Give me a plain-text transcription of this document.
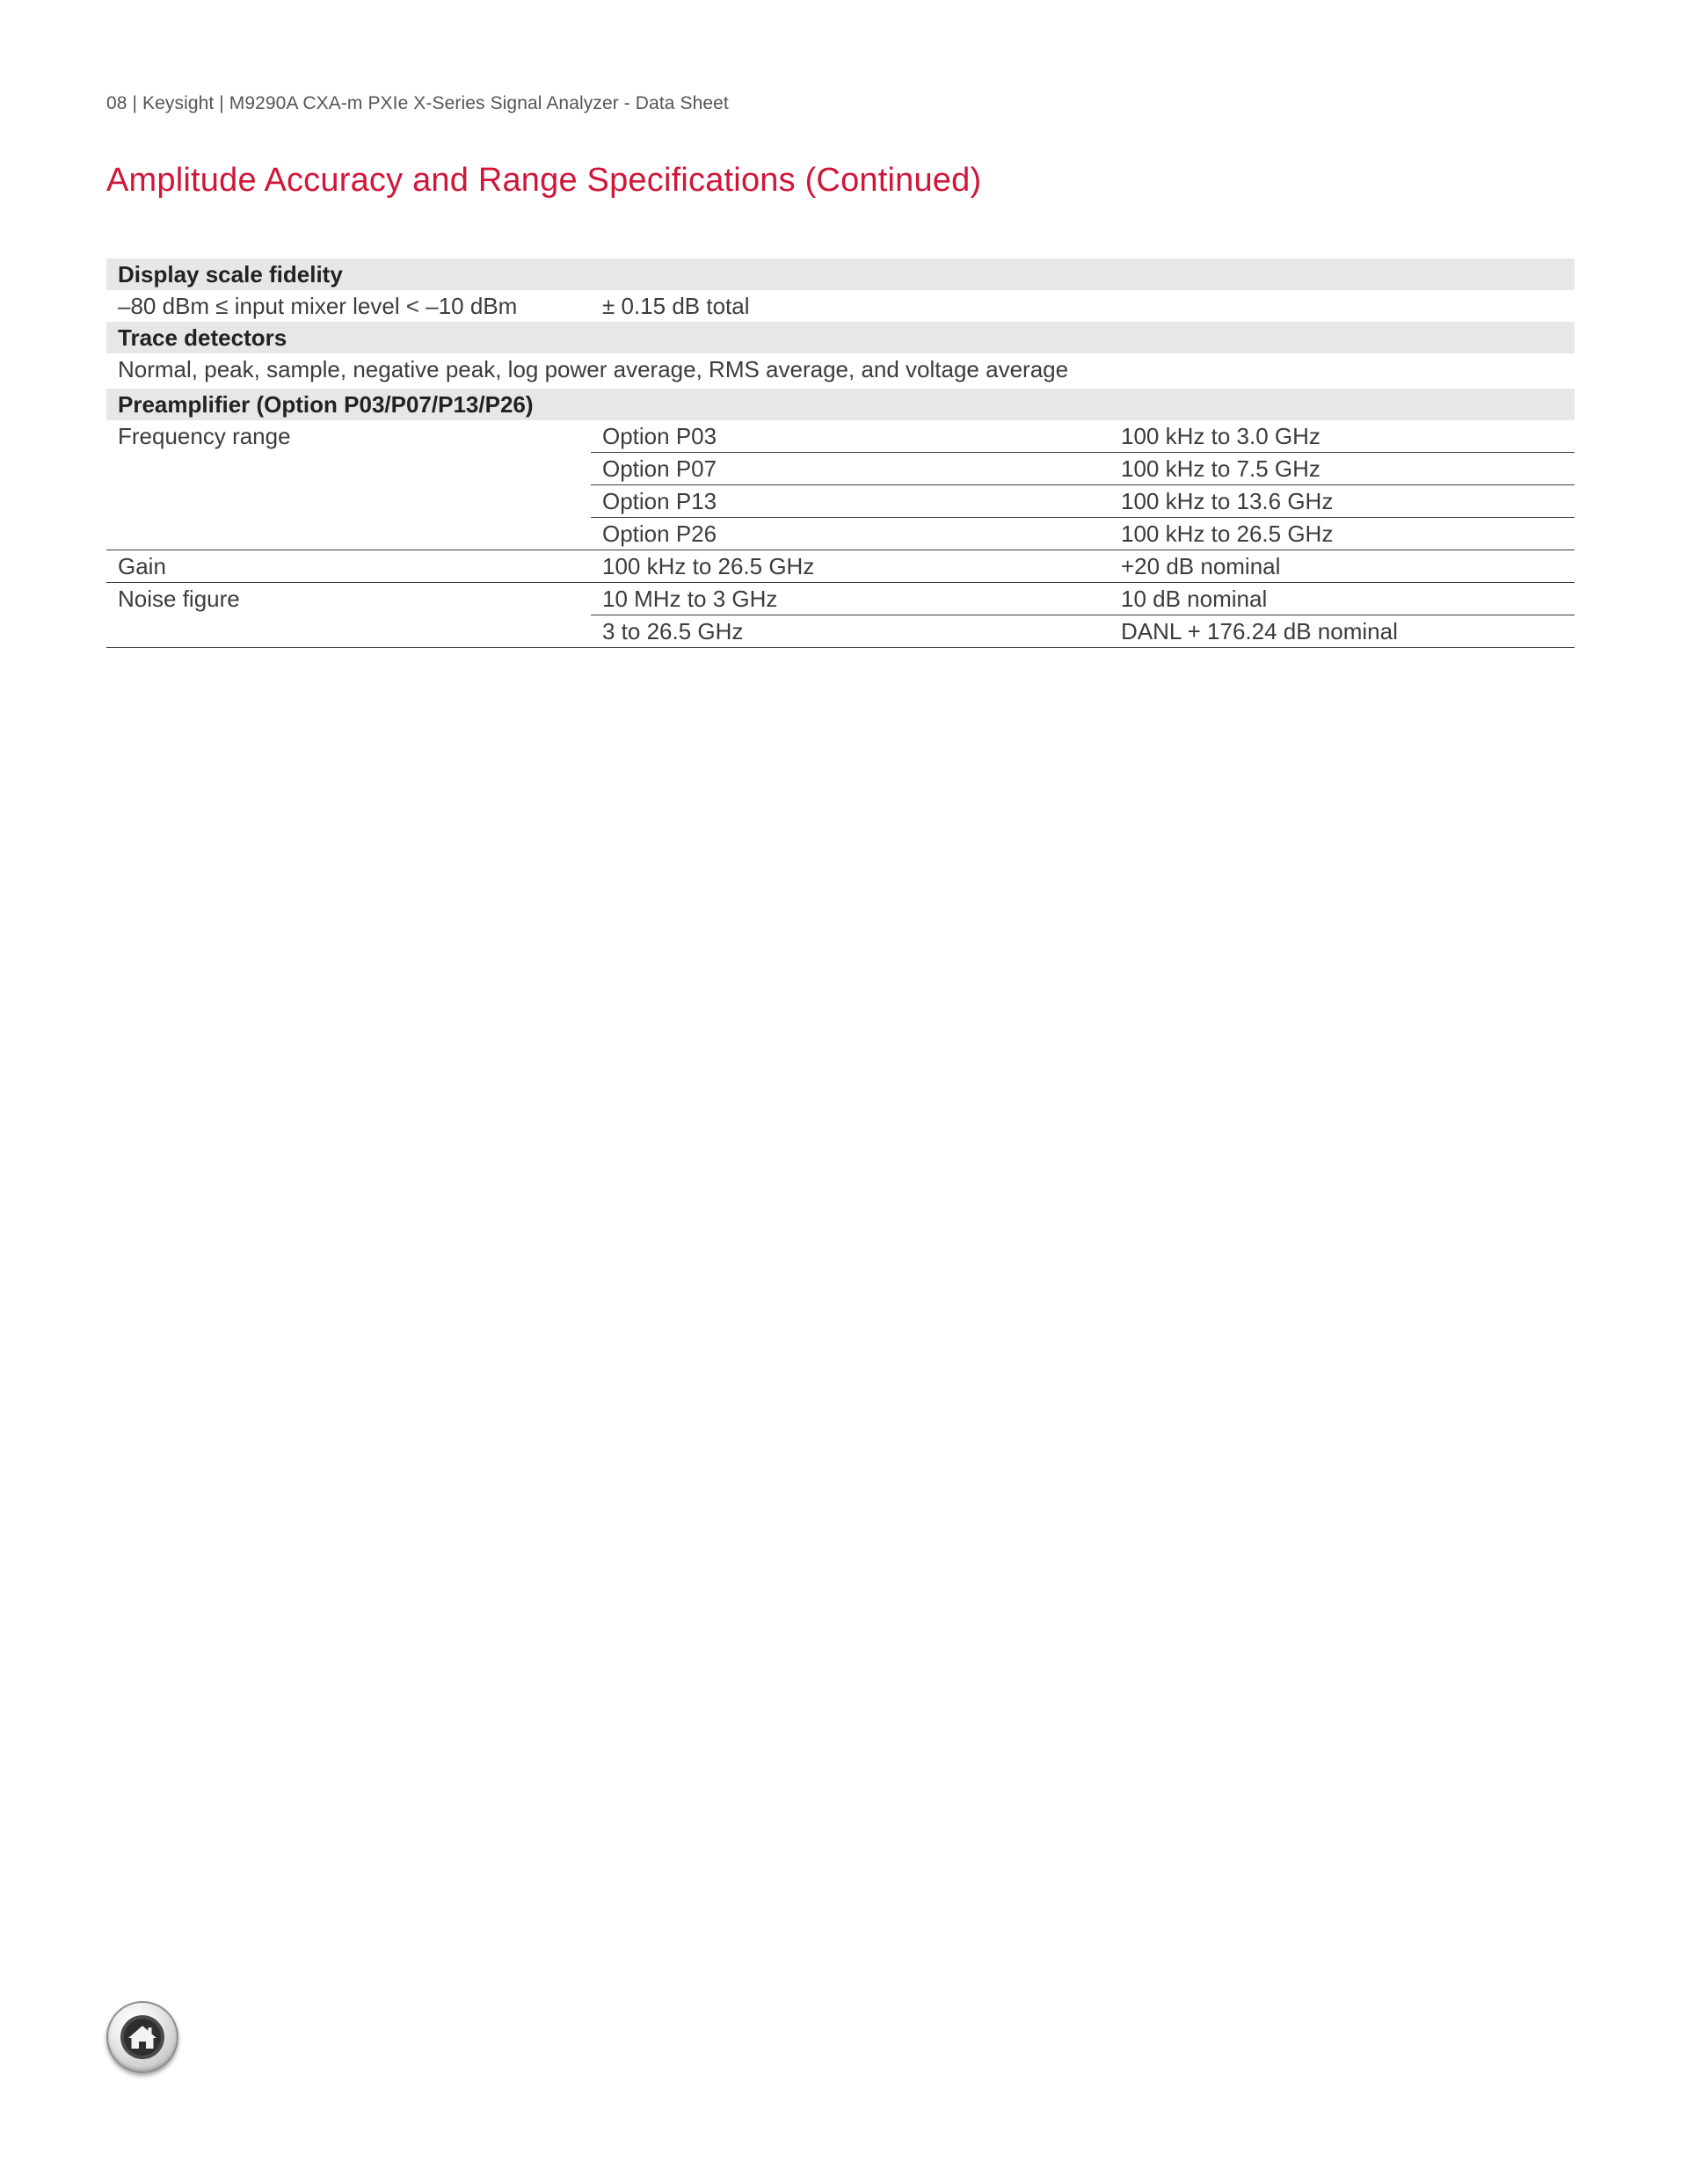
08 | Keysight | M9290A CXA-m PXIe X-Series Signal Analyzer - Data Sheet
Amplitude Accuracy and Range Specifications (Continued)
Display scale fidelity		
–80 dBm ≤ input mixer level < –10 dBm	± 0.15 dB total	
Trace detectors		
Normal, peak, sample, negative peak, log power average, RMS average, and voltage average		

Preamplifier (Option P03/P07/P13/P26)		
Frequency range	Option P03	100 kHz to 3.0 GHz
	Option P07	100 kHz to 7.5 GHz
	Option P13	100 kHz to 13.6 GHz
	Option P26	100 kHz to 26.5 GHz
Gain	100 kHz to 26.5 GHz	+20 dB nominal
Noise figure	10 MHz to 3 GHz	10 dB nominal
	3 to 26.5 GHz	DANL + 176.24 dB nominal
